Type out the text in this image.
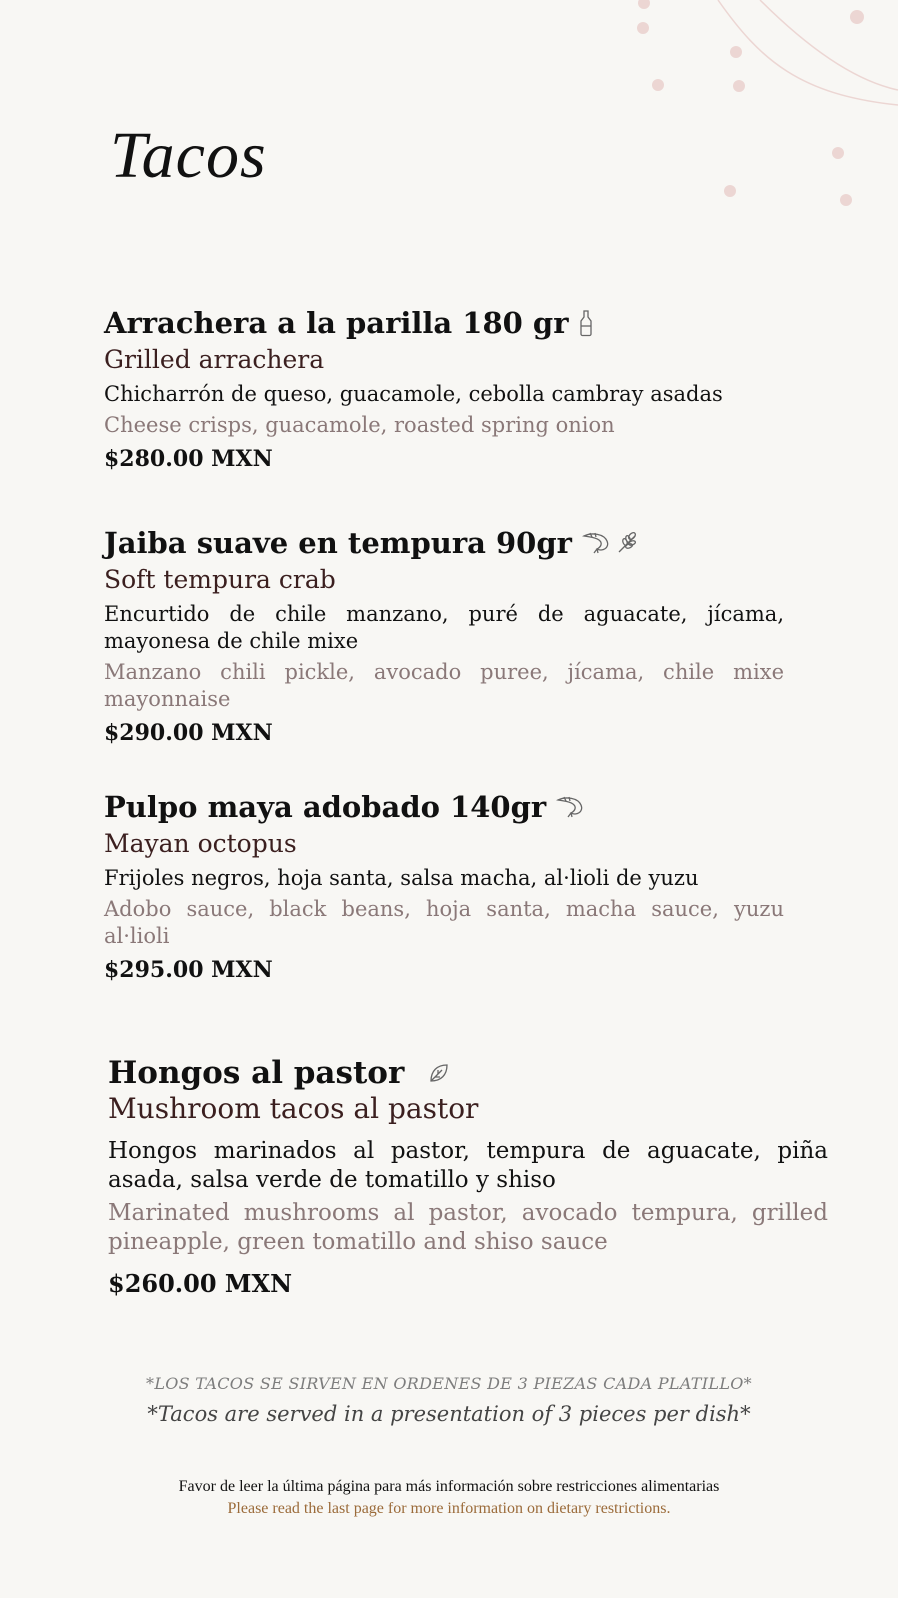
Tacos
Arrachera a la parilla 180 gr
Grilled arrachera
Chicharrón de queso, guacamole, cebolla cambray asadas
Cheese crisps, guacamole, roasted spring onion
$280.00 MXN
Jaiba suave en tempura 90gr
Soft tempura crab
Encurtido de chile manzano, puré de aguacate, jícama, mayonesa de chile mixe
Manzano chili pickle, avocado puree, jícama, chile mixe mayonnaise
$290.00 MXN
Pulpo maya adobado 140gr
Mayan octopus
Frijoles negros, hoja santa, salsa macha, al·lioli de yuzu
Adobo sauce, black beans, hoja santa, macha sauce, yuzu al·lioli
$295.00 MXN
Hongos al pastor
Mushroom tacos al pastor
Hongos marinados al pastor, tempura de aguacate, piña asada, salsa verde de tomatillo y shiso
Marinated mushrooms al pastor, avocado tempura, grilled pineapple, green tomatillo and shiso sauce
$260.00 MXN
*LOS TACOS SE SIRVEN EN ORDENES DE 3 PIEZAS CADA PLATILLO*
*Tacos are served in a presentation of 3 pieces per dish*
Favor de leer la última página para más información sobre restricciones alimentarias
Please read the last page for more information on dietary restrictions.
